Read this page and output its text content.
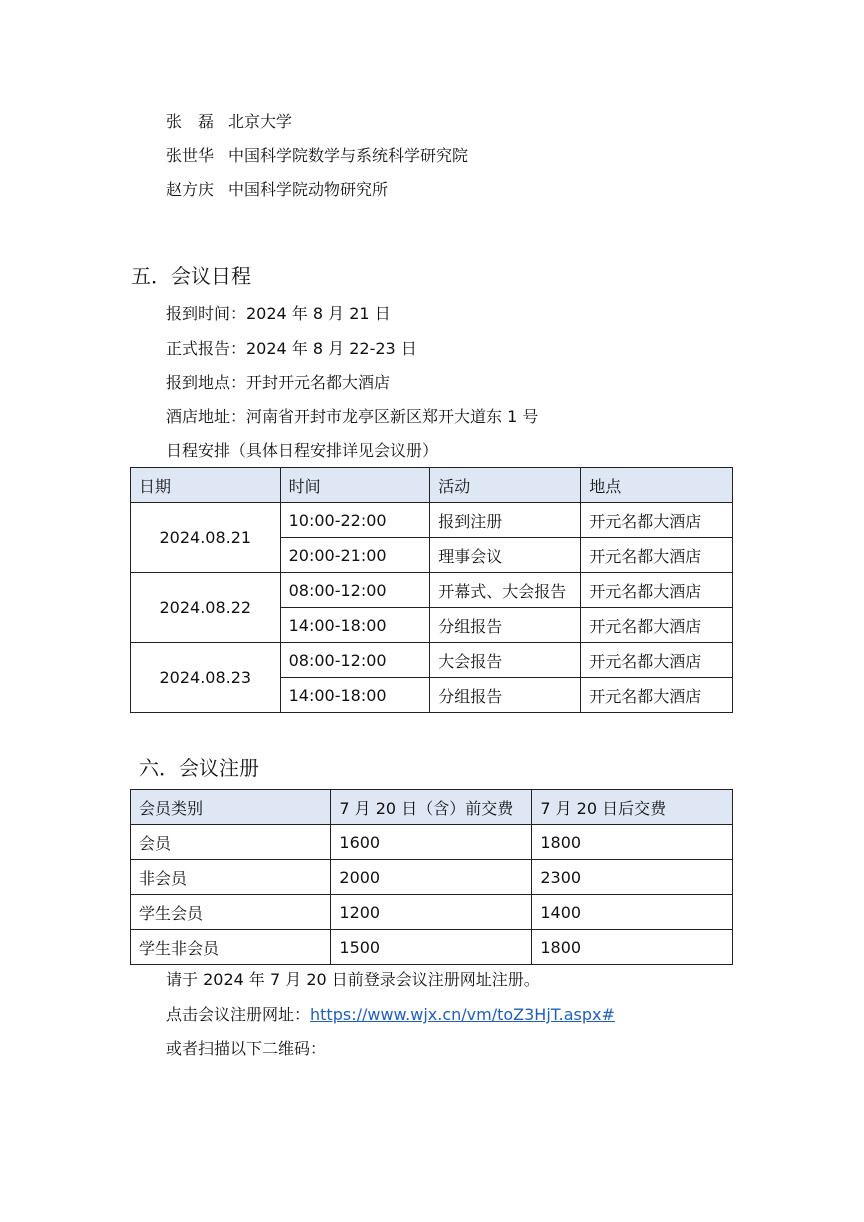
张　磊 北京大学
张世华 中国科学院数学与系统科学研究院
赵方庆 中国科学院动物研究所
五．会议日程
报到时间：2024 年 8 月 21 日
正式报告：2024 年 8 月 22-23 日
报到地点：开封开元名都大酒店
酒店地址：河南省开封市龙亭区新区郑开大道东 1 号
日程安排（具体日程安排详见会议册）
日期	时间	活动	地点
2024.08.21	10:00-22:00	报到注册	开元名都大酒店
	20:00-21:00	理事会议	开元名都大酒店
2024.08.22	08:00-12:00	开幕式、大会报告	开元名都大酒店
	14:00-18:00	分组报告	开元名都大酒店
2024.08.23	08:00-12:00	大会报告	开元名都大酒店
	14:00-18:00	分组报告	开元名都大酒店
六．会议注册
会员类别	7 月 20 日（含）前交费	7 月 20 日后交费
会员	1600	1800
非会员	2000	2300
学生会员	1200	1400
学生非会员	1500	1800
请于 2024 年 7 月 20 日前登录会议注册网址注册。
点击会议注册网址：https://www.wjx.cn/vm/toZ3HjT.aspx#
或者扫描以下二维码：
